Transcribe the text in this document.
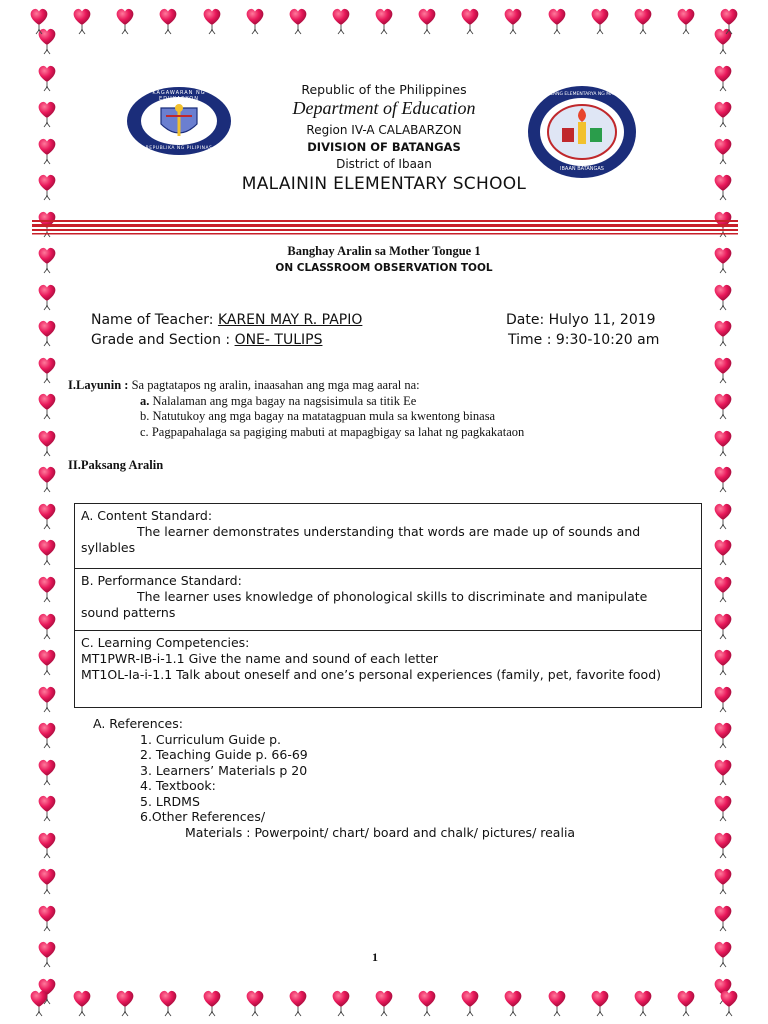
KAGAWARAN NG EDUKASYON
REPUBLIKA NG PILIPINAS
PAARALANG ELEMENTARYA NG MALAININ
IBAAN BATANGAS
Republic of the Philippines
Department of Education
Region IV-A CALABARZON
DIVISION OF BATANGAS
District of Ibaan
MALAININ ELEMENTARY SCHOOL
Banghay Aralin sa Mother Tongue 1
ON CLASSROOM OBSERVATION TOOL
Name of Teacher: KAREN MAY R. PAPIO	Date: Hulyo 11, 2019
Grade and Section : ONE- TULIPS	Time : 9:30-10:20 am
I.Layunin : Sa pagtatapos ng aralin, inaasahan ang mga mag aaral na:
a. Nalalaman ang mga bagay na nagsisimula sa titik Ee
b. Natutukoy ang mga bagay na matatagpuan mula sa kwentong binasa
c. Pagpapahalaga sa pagiging mabuti at mapagbigay sa lahat ng pagkakataon
II.Paksang Aralin
A. Content Standard:
The learner demonstrates understanding that words are made up of sounds and
syllables
B. Performance Standard:
The learner uses knowledge of phonological skills to discriminate and manipulate
sound patterns
C. Learning Competencies:
MT1PWR-IB-i-1.1 Give the name and sound of each letter
MT1OL-Ia-i-1.1 Talk about oneself and one’s personal experiences (family, pet, favorite food)
A. References:
1. Curriculum Guide p.
2. Teaching Guide p. 66-69
3. Learners’ Materials p 20
4. Textbook:
5. LRDMS
6.Other References/
Materials : Powerpoint/ chart/ board and chalk/ pictures/ realia
1
